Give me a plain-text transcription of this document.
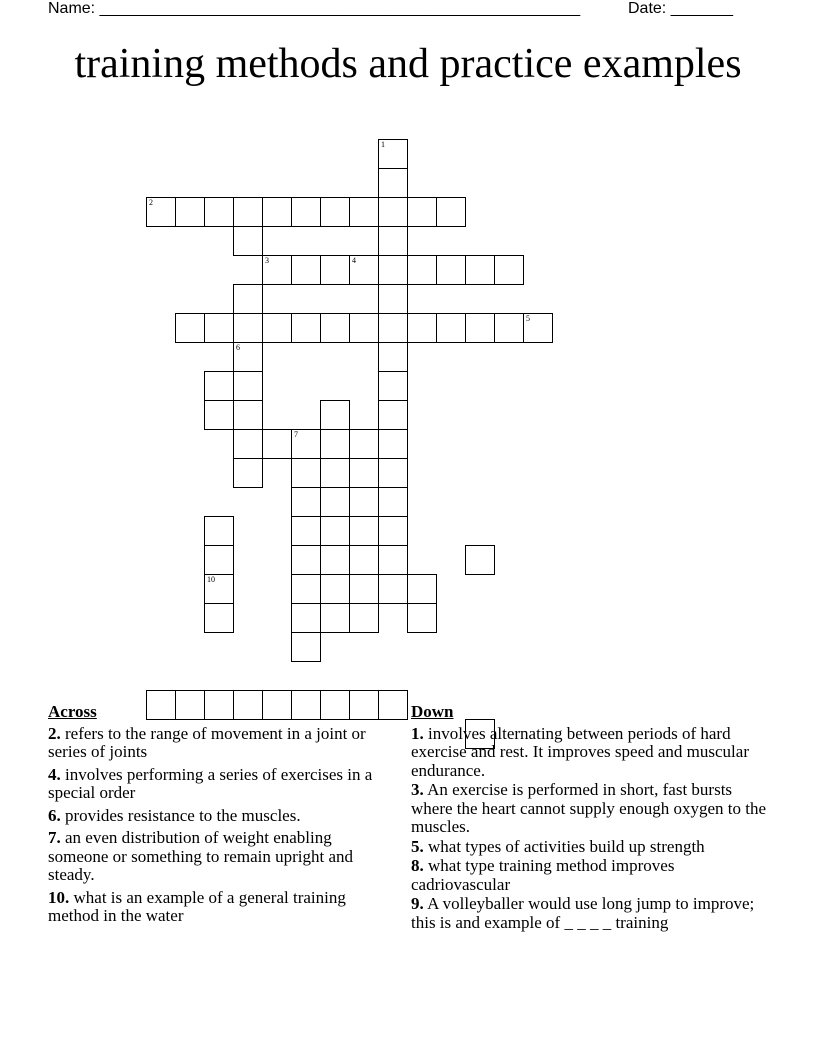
Name: ______________________________________________________	Date: _______
training methods and practice examples
1
2
3	4
5
6
7
10
Across
2. refers to the range of movement in a joint or series of joints
4. involves performing a series of exercises in a special order
6. provides resistance to the muscles.
7. an even distribution of weight enabling someone or something to remain upright and steady.
10. what is an example of a general training method in the water
Down
1. involves alternating between periods of hard exercise and rest. It improves speed and muscular endurance.
3. An exercise is performed in short, fast bursts where the heart cannot supply enough oxygen to the muscles.
5. what types of activities build up strength
8. what type training method improves cadriovascular
9. A volleyballer would use long jump to improve; this is and example of _ _ _ _ training
